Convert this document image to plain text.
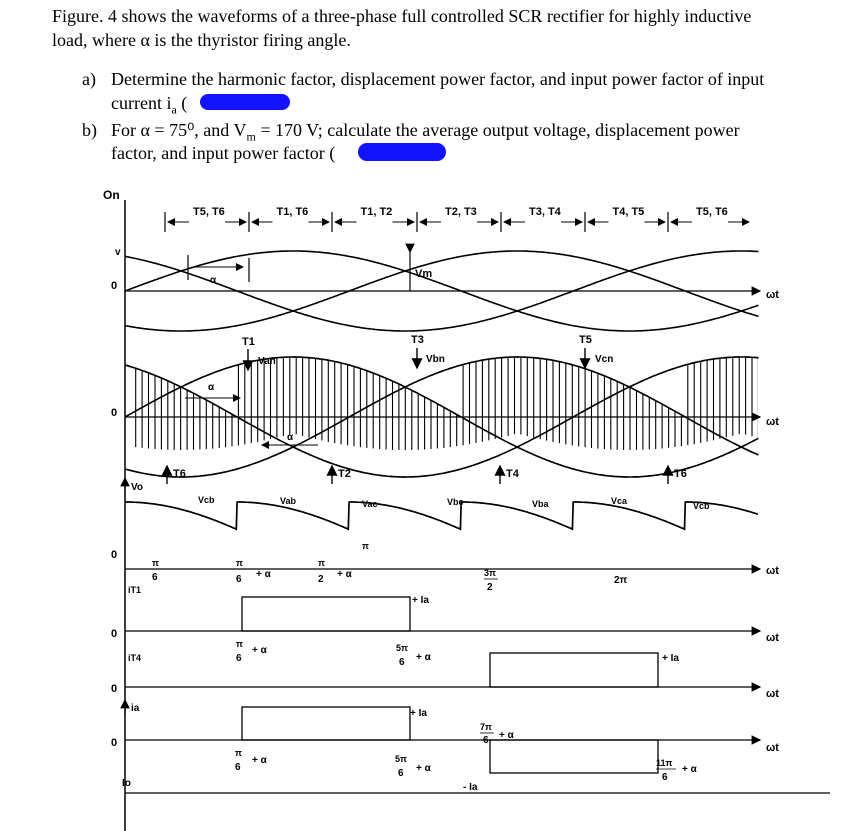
Figure. 4 shows the waveforms of a three-phase full controlled SCR rectifier for highly inductive
load, where α is the thyristor firing angle.
a) Determine the harmonic factor, displacement power factor, and input power factor of input
current $i_a$ (
b) For α = 75⁰, and $V_m = 170$ V; calculate the average output voltage, displacement power
factor, and input power factor (
On
T5, T6	T1, T6	T1, T2	T2, T3	T3, T4	T4, T5	T5, T6
ωt
0
v
α
Vm
ωt
0
T1	T3	T5
Van	Vbn	Vcn
α
α
ωt
0
Vo
T6	T2	T4	T6
Vcb	Vab	Vac	Vbc	Vba	Vca	Vcb
π
π
6
π
6 + α
π
2 + α	3π
2
2π
ωt
0
iT1
+ Ia
π
6
+ α	5π
6 + α
ωt
0
iT4	+ Ia
ωt
0
ia	+ Ia
- Ia
7π
6 + α
π
6
+ α	5π
6 + α	11π
6
+ α
Io
